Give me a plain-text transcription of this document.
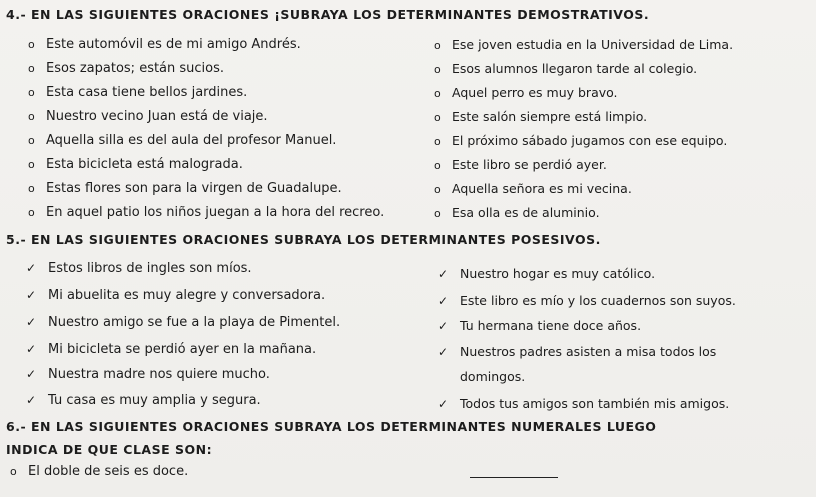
4.- EN LAS SIGUIENTES ORACIONES ¡SUBRAYA LOS DETERMINANTES DEMOSTRATIVOS.
o Este automóvil es de mi amigo Andrés.
o Esos zapatos; están sucios.
o Esta casa tiene bellos jardines.
o Nuestro vecino Juan está de viaje.
o Aquella silla es del aula del profesor Manuel.
o Esta bicicleta está malograda.
o Estas flores son para la virgen de Guadalupe.
o En aquel patio los niños juegan a la hora del recreo.
o Ese joven estudia en la Universidad de Lima.
o Esos alumnos llegaron tarde al colegio.
o Aquel perro es muy bravo.
o Este salón siempre está limpio.
o El próximo sábado jugamos con ese equipo.
o Este libro se perdió ayer.
o Aquella señora es mi vecina.
o Esa olla es de aluminio.
5.- EN LAS SIGUIENTES ORACIONES SUBRAYA LOS DETERMINANTES POSESIVOS.
✓ Estos libros de ingles son míos.
✓ Mi abuelita es muy alegre y conversadora.
✓ Nuestro amigo se fue a la playa de Pimentel.
✓ Mi bicicleta se perdió ayer en la mañana.
✓ Nuestra madre nos quiere mucho.
✓ Tu casa es muy amplia y segura.
✓ Nuestro hogar es muy católico.
✓ Este libro es mío y los cuadernos son suyos.
✓ Tu hermana tiene doce años.
✓ Nuestros padres asisten a misa todos los
domingos.
✓ Todos tus amigos son también mis amigos.
6.- EN LAS SIGUIENTES ORACIONES SUBRAYA LOS DETERMINANTES NUMERALES LUEGO
INDICA DE QUE CLASE SON:
o El doble de seis es doce.
